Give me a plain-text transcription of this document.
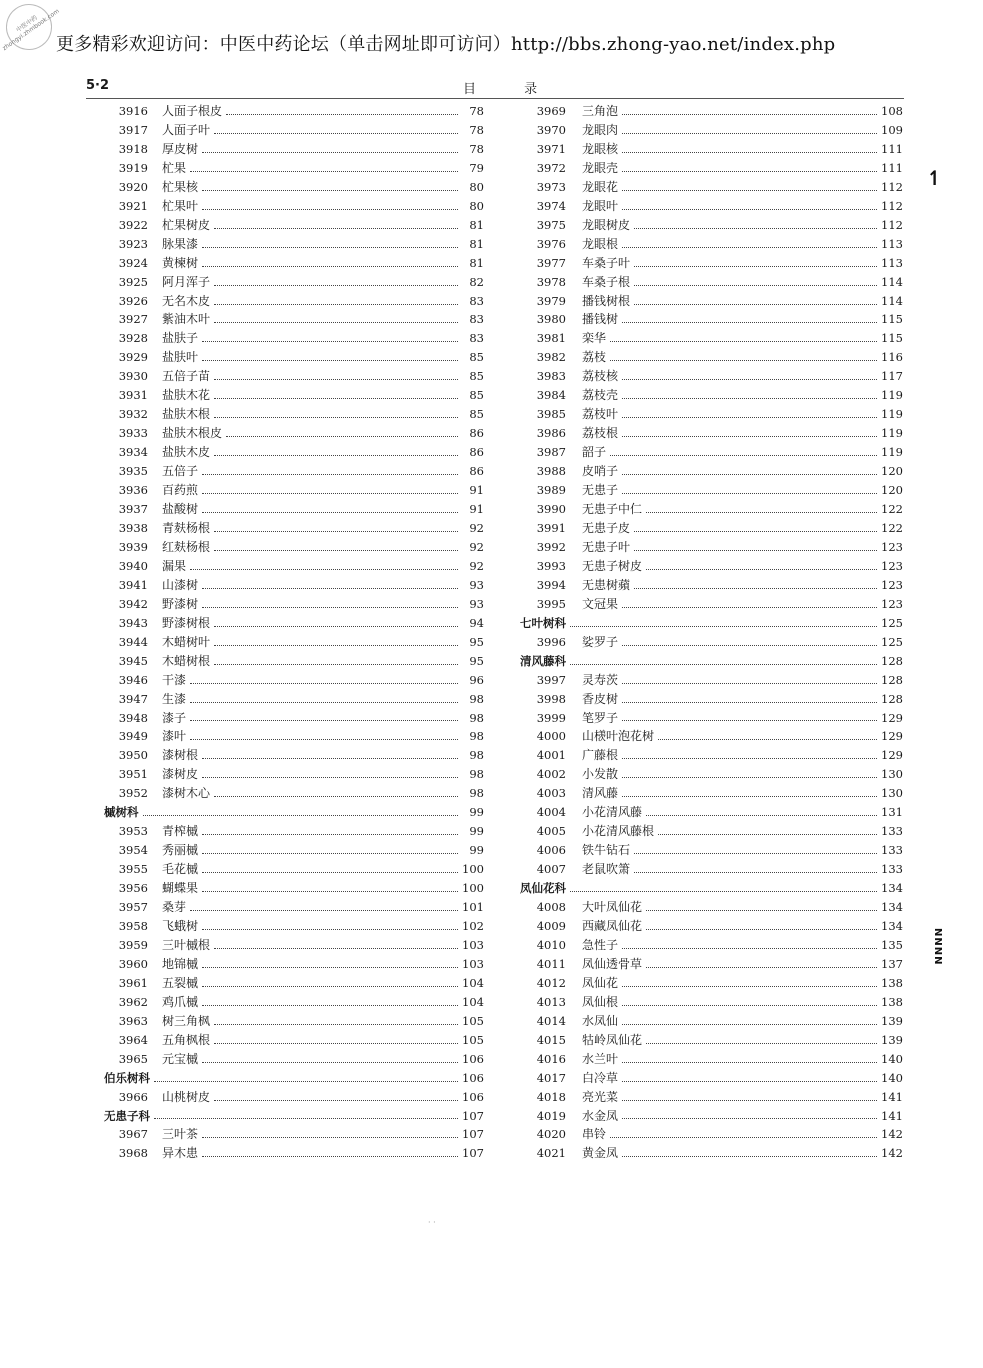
中医中药 zhongyi.zhmbook.com
更多精彩欢迎访问：中医中药论坛（单击网址即可访问）http://bbs.zhong-yao.net/index.php
5·2	目 录
3916	人面子根皮	78
3917	人面子叶	78
3918	厚皮树	78
3919	杧果	79
3920	杧果核	80
3921	杧果叶	80
3922	杧果树皮	81
3923	脉果漆	81
3924	黄楝树	81
3925	阿月浑子	82
3926	无名木皮	83
3927	紫油木叶	83
3928	盐肤子	83
3929	盐肤叶	85
3930	五倍子苗	85
3931	盐肤木花	85
3932	盐肤木根	85
3933	盐肤木根皮	86
3934	盐肤木皮	86
3935	五倍子	86
3936	百药煎	91
3937	盐酸树	91
3938	青麸杨根	92
3939	红麸杨根	92
3940	漏果	92
3941	山漆树	93
3942	野漆树	93
3943	野漆树根	94
3944	木蜡树叶	95
3945	木蜡树根	95
3946	干漆	96
3947	生漆	98
3948	漆子	98
3949	漆叶	98
3950	漆树根	98
3951	漆树皮	98
3952	漆树木心	98
槭树科	99
3953	青榨槭	99
3954	秀丽槭	99
3955	毛花槭	100
3956	蝴蝶果	100
3957	桑芽	101
3958	飞蛾树	102
3959	三叶槭根	103
3960	地锦槭	103
3961	五裂槭	104
3962	鸡爪槭	104
3963	树三角枫	105
3964	五角枫根	105
3965	元宝槭	106
伯乐树科	106
3966	山桃树皮	106
无患子科	107
3967	三叶茶	107
3968	异木患	107
3969	三角泡	108
3970	龙眼肉	109
3971	龙眼核	111
3972	龙眼壳	111
3973	龙眼花	112
3974	龙眼叶	112
3975	龙眼树皮	112
3976	龙眼根	113
3977	车桑子叶	113
3978	车桑子根	114
3979	播钱树根	114
3980	播钱树	115
3981	栾华	115
3982	荔枝	116
3983	荔枝核	117
3984	荔枝壳	119
3985	荔枝叶	119
3986	荔枝根	119
3987	韶子	119
3988	皮哨子	120
3989	无患子	120
3990	无患子中仁	122
3991	无患子皮	122
3992	无患子叶	123
3993	无患子树皮	123
3994	无患树蘋	123
3995	文冠果	123
七叶树科	125
3996	娑罗子	125
清风藤科	128
3997	灵寿茨	128
3998	香皮树	128
3999	笔罗子	129
4000	山檨叶泡花树	129
4001	广藤根	129
4002	小发散	130
4003	清风藤	130
4004	小花清风藤	131
4005	小花清风藤根	133
4006	铁牛钻石	133
4007	老鼠吹箫	133
凤仙花科	134
4008	大叶凤仙花	134
4009	西藏凤仙花	134
4010	急性子	135
4011	凤仙透骨草	137
4012	凤仙花	138
4013	凤仙根	138
4014	水凤仙	139
4015	牯岭凤仙花	139
4016	水兰叶	140
4017	白冷草	140
4018	亮光菜	141
4019	水金凤	141
4020	串铃	142
4021	黄金凤	142
↿
NNNN
· ·
